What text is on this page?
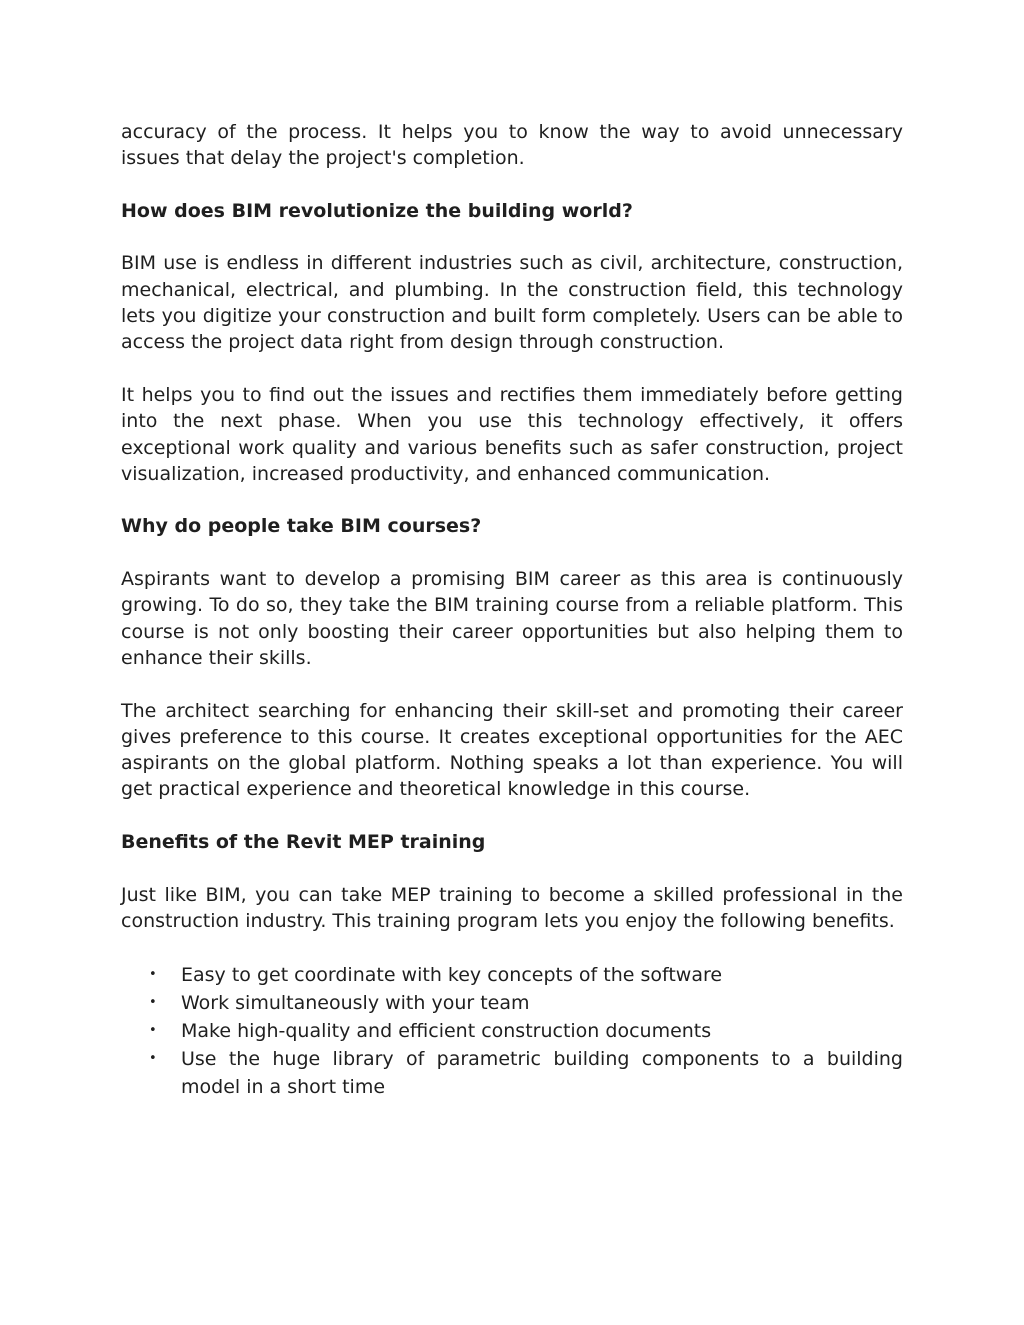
accuracy of the process. It helps you to know the way to avoid unnecessary issues that delay the project's completion.

How does BIM revolutionize the building world?

BIM use is endless in different industries such as civil, architecture, construction, mechanical, electrical, and plumbing. In the construction field, this technology lets you digitize your construction and built form completely. Users can be able to access the project data right from design through construction.

It helps you to find out the issues and rectifies them immediately before getting into the next phase. When you use this technology effectively, it offers exceptional work quality and various benefits such as safer construction, project visualization, increased productivity, and enhanced communication.

Why do people take BIM courses?

Aspirants want to develop a promising BIM career as this area is continuously growing. To do so, they take the BIM training course from a reliable platform. This course is not only boosting their career opportunities but also helping them to enhance their skills.

The architect searching for enhancing their skill-set and promoting their career gives preference to this course. It creates exceptional opportunities for the AEC aspirants on the global platform. Nothing speaks a lot than experience. You will get practical experience and theoretical knowledge in this course.

Benefits of the Revit MEP training

Just like BIM, you can take MEP training to become a skilled professional in the construction industry. This training program lets you enjoy the following benefits.

• Easy to get coordinate with key concepts of the software
• Work simultaneously with your team
• Make high-quality and efficient construction documents
• Use the huge library of parametric building components to a building model in a short time
